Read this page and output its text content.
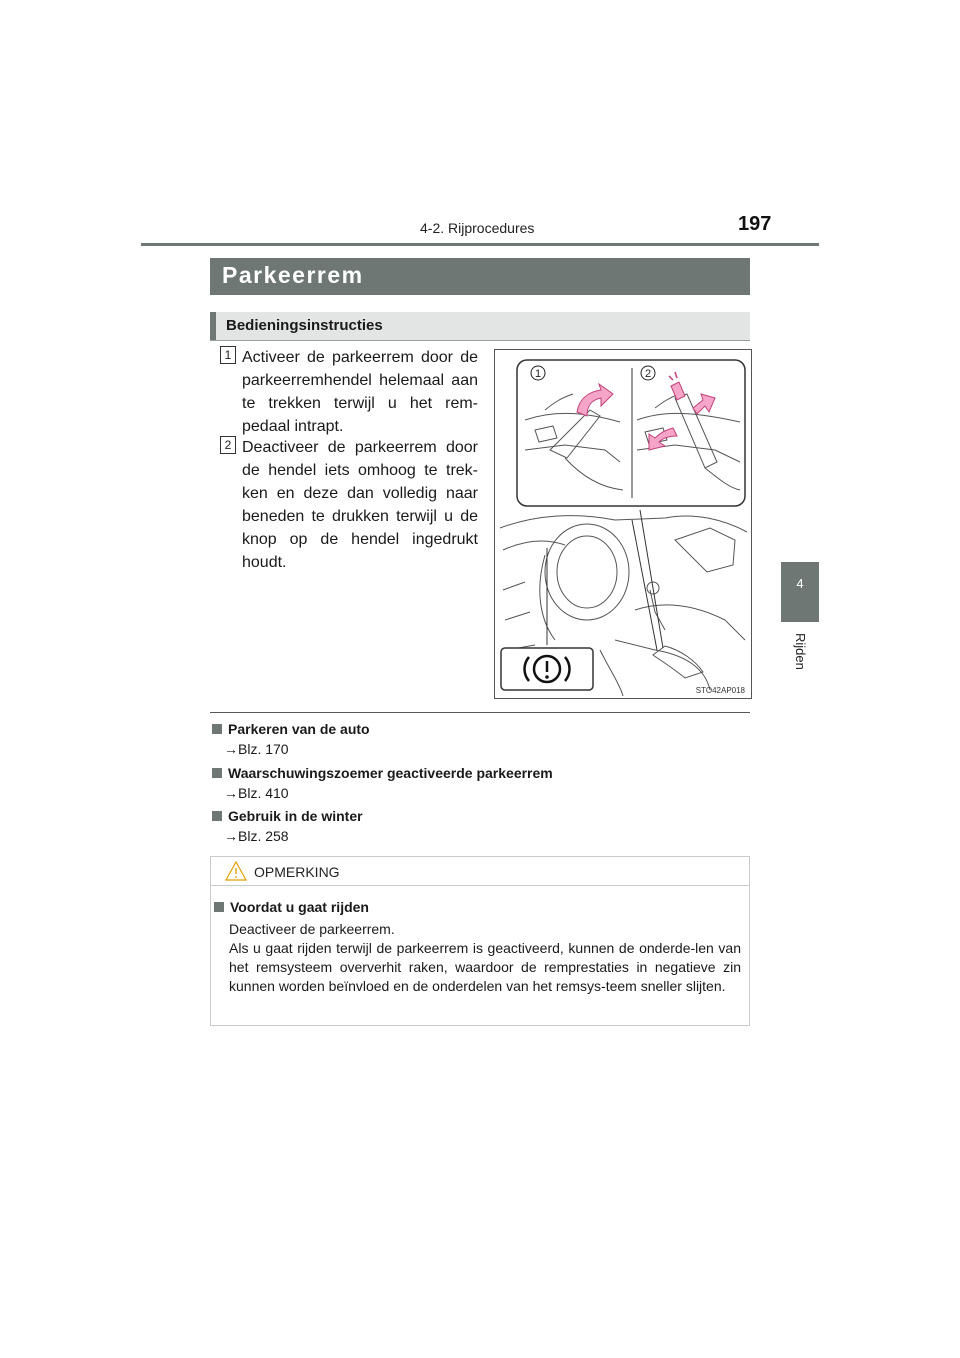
4-2. Rijprocedures	197
4
Rijden
Parkeerrem
Bedieningsinstructies
1 Activeer de parkeerrem door de parkeerremhendel helemaal aan te trekken terwijl u het rem-pedaal intrapt.
2 Deactiveer de parkeerrem door de hendel iets omhoog te trek-ken en deze dan volledig naar beneden te drukken terwijl u de knop op de hendel ingedrukt houdt.
1	2
STO42AP018
Parkeren van de auto
→Blz. 170
Waarschuwingszoemer geactiveerde parkeerrem
→Blz. 410
Gebruik in de winter
→Blz. 258
OPMERKING
Voordat u gaat rijden

Deactiveer de parkeerrem.

Als u gaat rijden terwijl de parkeerrem is geactiveerd, kunnen de onderde-len van het remsysteem oververhit raken, waardoor de remprestaties in negatieve zin kunnen worden beïnvloed en de onderdelen van het remsys-teem sneller slijten.
